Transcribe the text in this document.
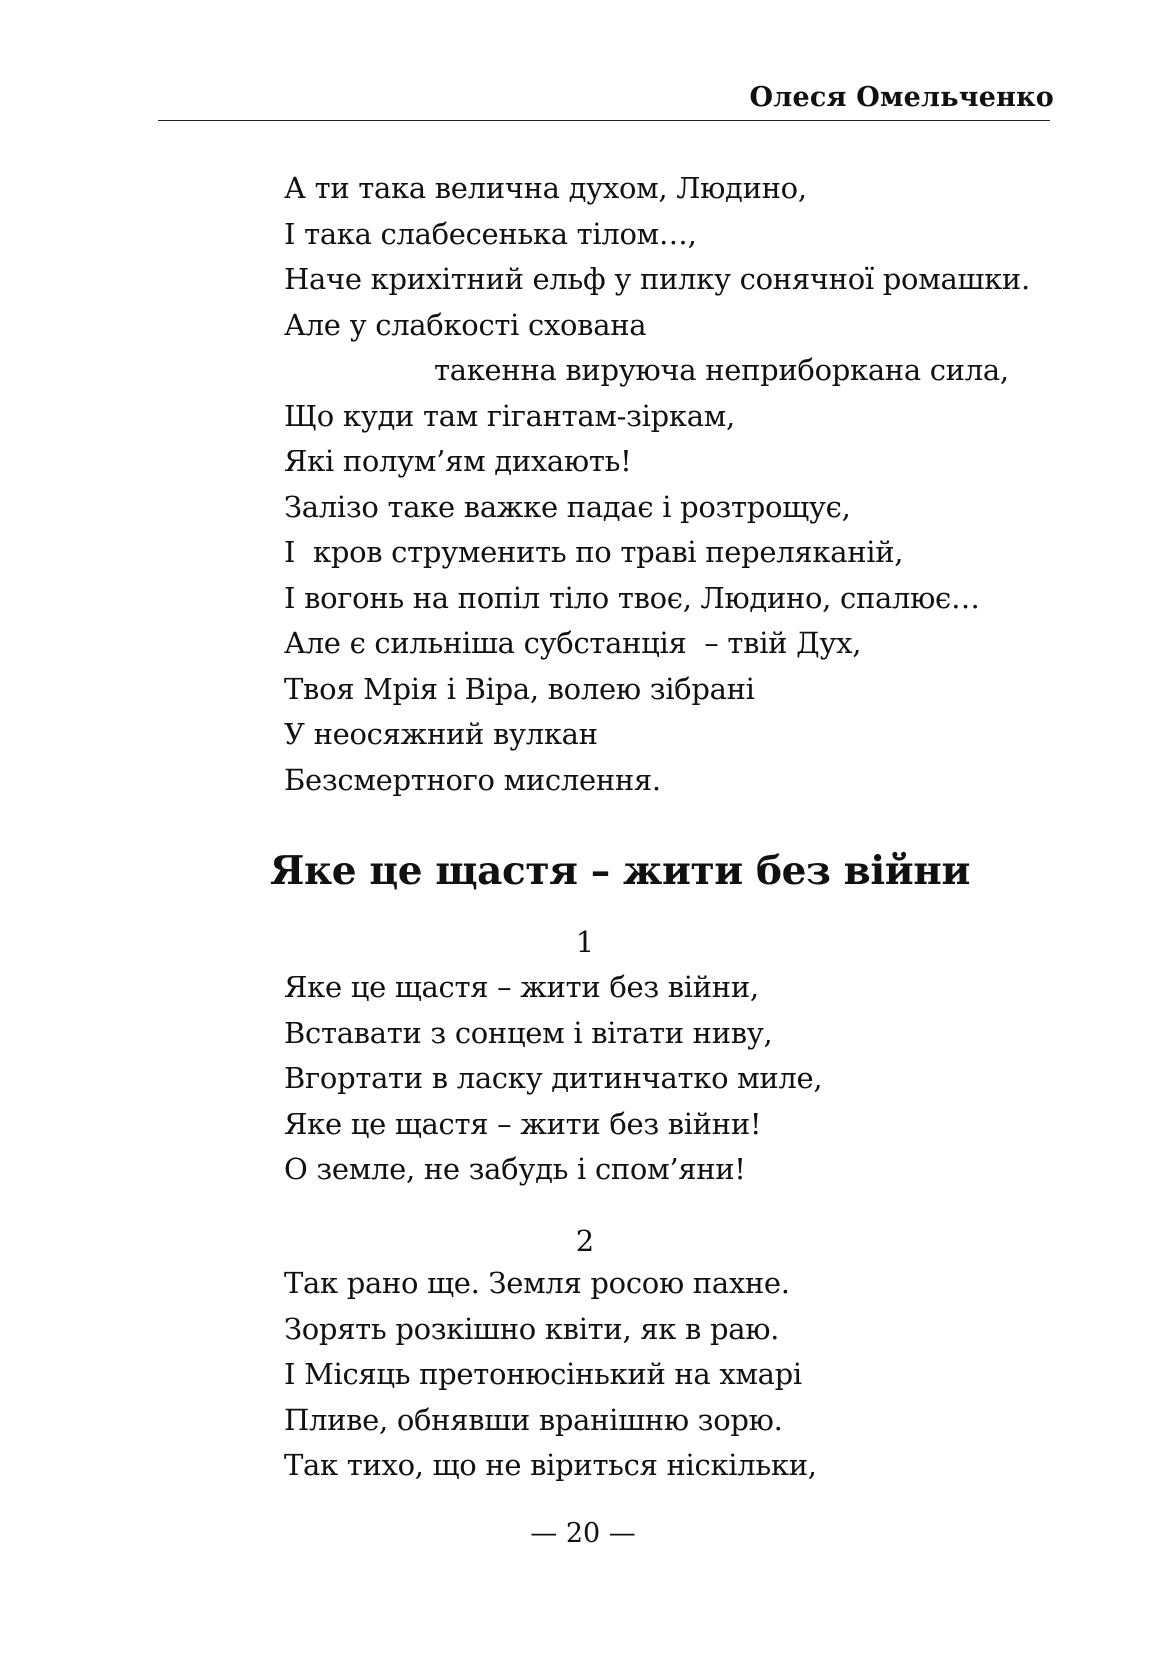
Олеся Омельченко
А ти така велична духом, Людино,
І така слабесенька тілом…,
Наче крихітний ельф у пилку сонячної ромашки.
Але у слабкості схована
такенна вируюча неприборкана сила,
Що куди там гігантам-зіркам,
Які полум’ям дихають!
Залізо таке важке падає і розтрощує,
І  кров струменить по траві переляканій,
І вогонь на попіл тіло твоє, Людино, спалює…
Але є сильніша субстанція  – твій Дух,
Твоя Мрія і Віра, волею зібрані
У неосяжний вулкан
Безсмертного мислення.
Яке це щастя – жити без війни
1
Яке це щастя – жити без війни,
Вставати з сонцем і вітати ниву,
Вгортати в ласку дитинчатко миле,
Яке це щастя – жити без війни!
О земле, не забудь і спом’яни!
2
Так рано ще. Земля росою пахне.
Зорять розкішно квіти, як в раю.
І Місяць претонюсінький на хмарі
Пливе, обнявши вранішню зорю.
Так тихо, що не віриться ніскільки,
— 20 —
